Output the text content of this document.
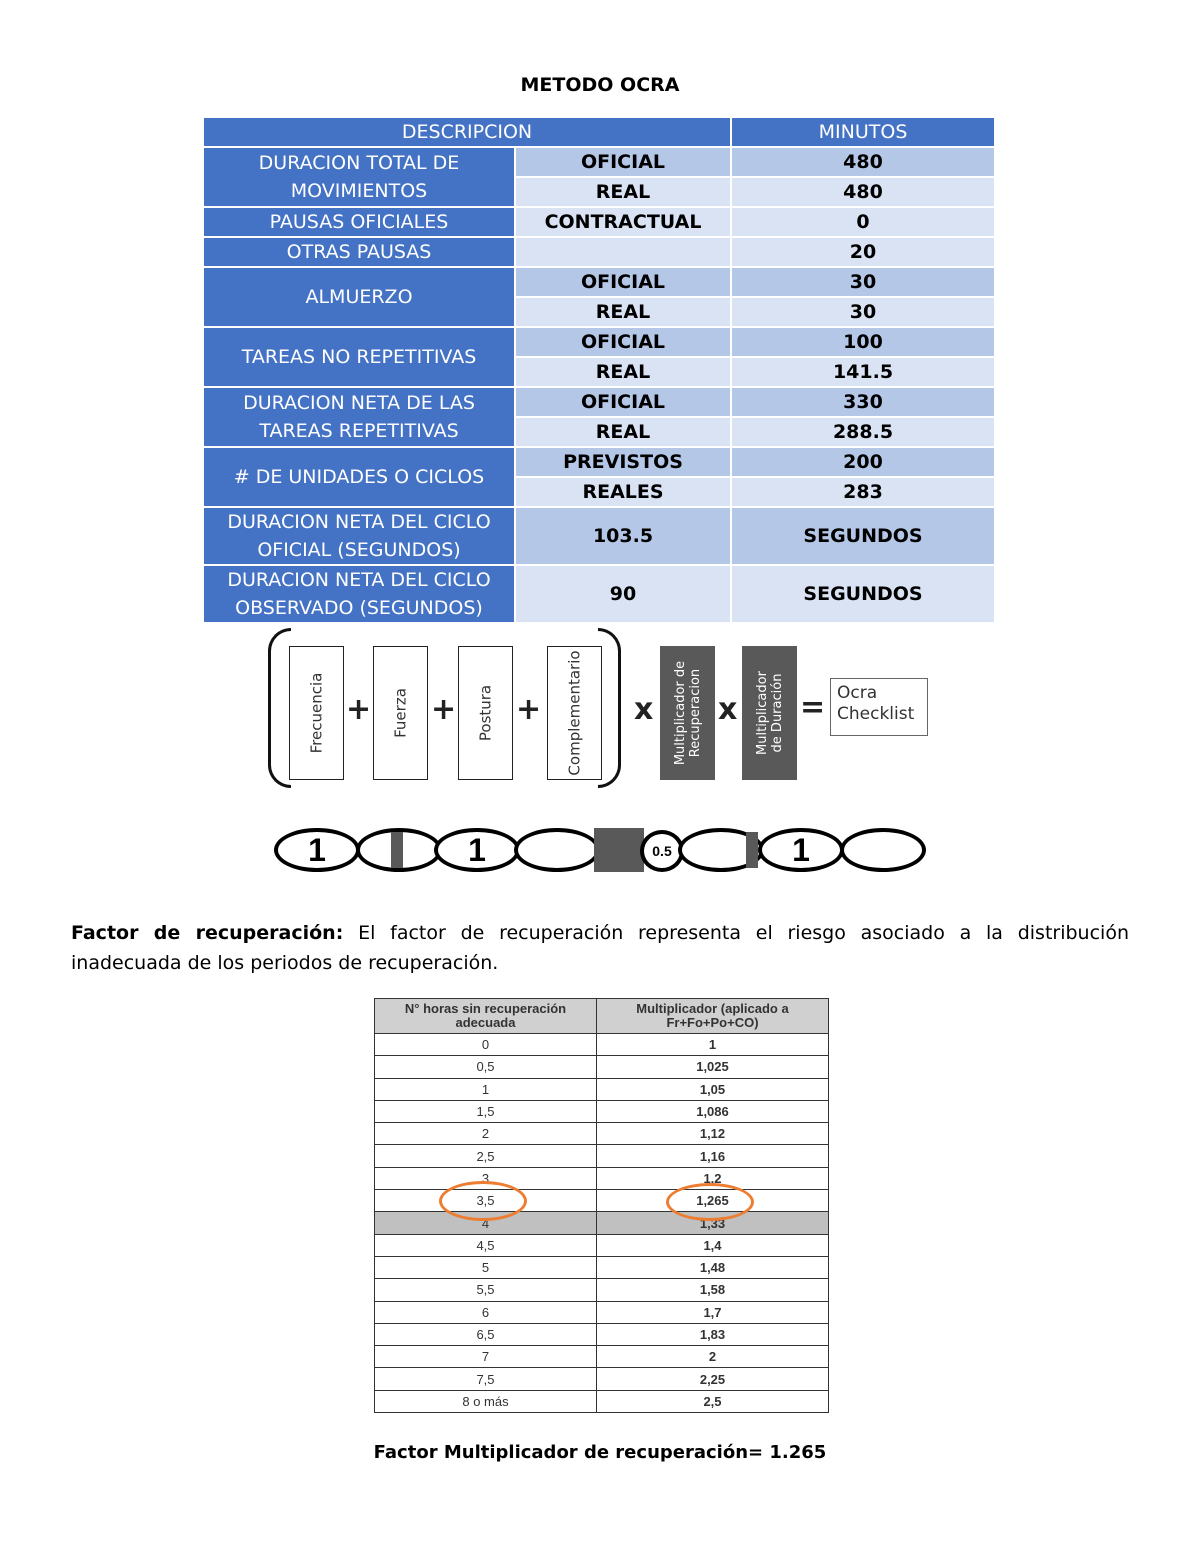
METODO OCRA
DESCRIPCION		MINUTOS
DURACION TOTAL DE MOVIMIENTOS	OFICIAL	480
	REAL	480
PAUSAS OFICIALES	CONTRACTUAL	0
OTRAS PAUSAS		20
ALMUERZO	OFICIAL	30
	REAL	30
TAREAS NO REPETITIVAS	OFICIAL	100
	REAL	141.5
DURACION NETA DE LAS TAREAS REPETITIVAS	OFICIAL	330
	REAL	288.5
# DE UNIDADES O CICLOS	PREVISTOS	200
	REALES	283
DURACION NETA DEL CICLO OFICIAL (SEGUNDOS)	103.5	SEGUNDOS
DURACION NETA DEL CICLO OBSERVADO (SEGUNDOS)	90	SEGUNDOS
Frecuencia + Fuerza + Postura + Complementario x Multiplicador de Recuperacion x Multiplicador de Duración = Ocra
Checklist
1	1	0.5	1
Factor de recuperación: El factor de recuperación representa el riesgo asociado a la distribución inadecuada de los periodos de recuperación.
N° horas sin recuperación adecuada	Multiplicador (aplicado a Fr+Fo+Po+CO)
0	1
0,5	1,025
1	1,05
1,5	1,086
2	1,12
2,5	1,16
3	1,2
3,5	1,265
4	1,33
4,5	1,4
5	1,48
5,5	1,58
6	1,7
6,5	1,83
7	2
7,5	2,25
8 o más	2,5
Factor Multiplicador de recuperación= 1.265
